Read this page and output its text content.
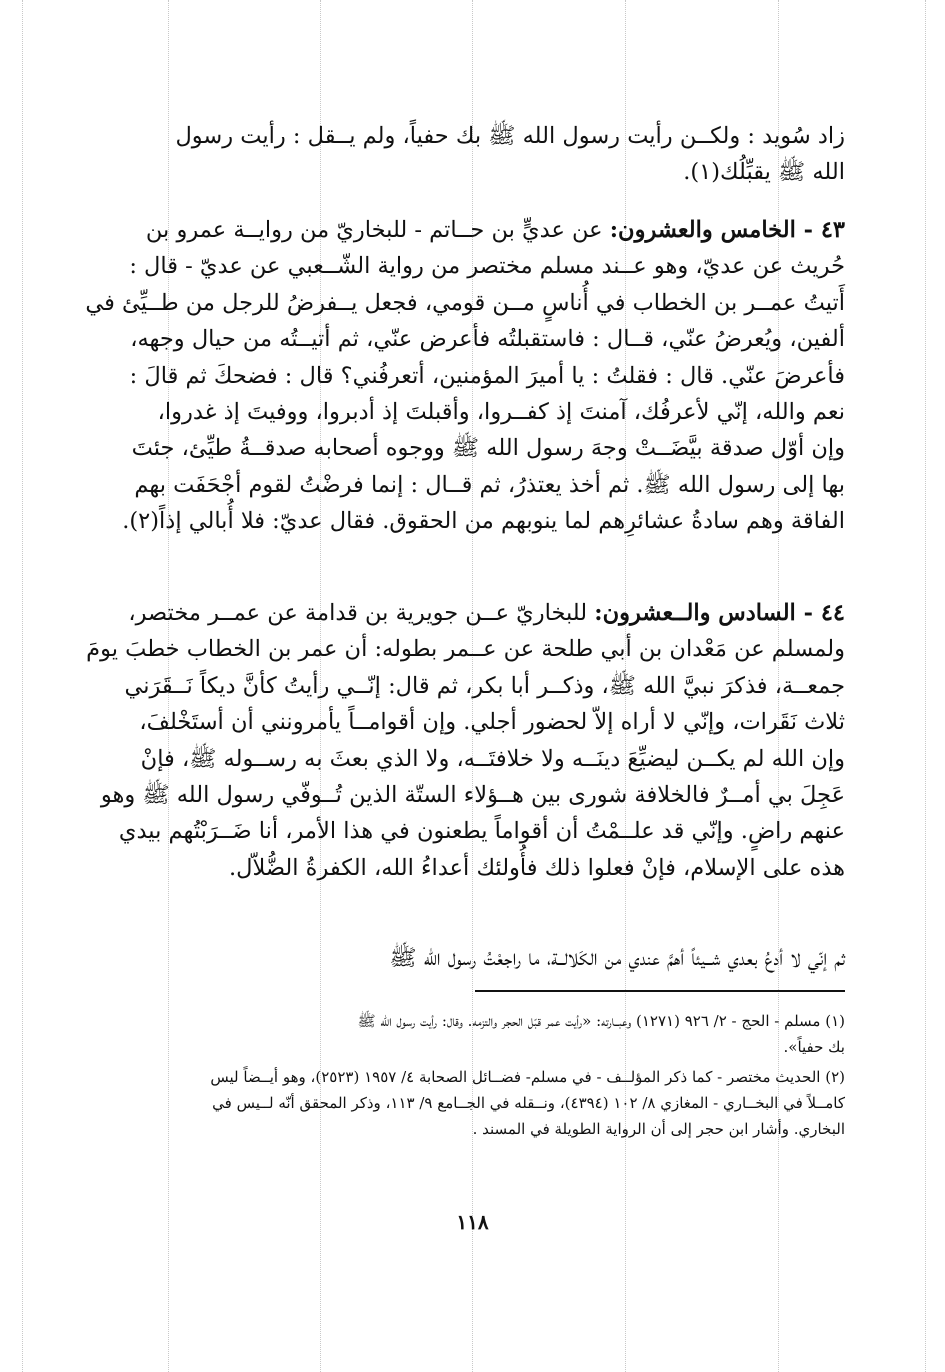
زاد سُويد : ولكــن رأيت رسول الله ﷺ بك حفياً، ولم يــقل : رأيت رسول
الله ﷺ يقبِّلُك(١).
٤٣ - الخامس والعشرون: عن عديٍّ بن حــاتم - للبخاريّ من روايــة عمرو بن
حُريث عن عديّ، وهو عــند مسلم مختصر من رواية الشّــعبي عن عديّ - قال :
أَتيتُ عمــر بن الخطاب في أُناسٍ مــن قومي، فجعل يــفرضُ للرجل من طــيِّئ في
ألفين، ويُعرضُ عنّي، قــال : فاستقبلتُه فأعرض عنّي، ثم أتيــتُه من حيال وجهه،
فأعرضَ عنّي. قال : فقلتُ : يا أميرَ المؤمنين، أتعرفُني؟ قال : فضحكَ ثم قالَ :
نعم والله، إنّي لأعرفُك، آمنتَ إذ كفــروا، وأقبلتَ إذ أدبروا، ووفيتَ إذ غدروا،
وإن أوّل صدقة بيَّضَــتْ وجهَ رسول الله ﷺ ووجوه أصحابه صدقــةُ طيِّئ، جئتَ
بها إلى رسول الله ﷺ. ثم أخذ يعتذرُ، ثم قــال : إنما فرضْتُ لقوم أجْحَفَت بهم
الفاقة وهم سادةُ عشائرِهم لما ينوبهم من الحقوق. فقال عديّ: فلا أُبالي إذاً(٢).
٤٤ - السادس والــعشرون: للبخاريّ عــن جويرية بن قدامة عن عمــر مختصر،
ولمسلم عن مَعْدان بن أبي طلحة عن عــمر بطوله: أن عمر بن الخطاب خطبَ يومَ
جمعــة، فذكرَ نبيَّ الله ﷺ، وذكــر أبا بكر، ثم قال: إنّــي رأيتُ كأنَّ ديكاً نَــقَرَني
ثلاث نَقَرات، وإنّي لا أراه إلاّ لحضور أجلي. وإن أقوامــاً يأمرونني أن أستَخْلفَ،
وإن الله لم يكــن ليضيِّعَ دينَــه ولا خلافتَــه، ولا الذي بعثَ به رســوله ﷺ، فإنْ
عَجِلَ بي أمــرٌ فالخلافة شورى بين هــؤلاء الستّة الذين تُــوفّي رسول الله ﷺ وهو
عنهم راضٍ. وإنّي قد علــمْتُ أن أقواماً يطعنون في هذا الأمر، أنا ضَــرَبْتُهم بيدي
هذه على الإسلام، فإنْ فعلوا ذلك فأُولئك أعداءُ الله، الكفرةُ الضُّلاّل.
ثم إنّي لا أدعُ بعدي شــيئاً أهمَّ عندي من الكَلالــة، ما راجعْتُ رسول الله ﷺ
(١) مسلم - الحج - ٢/ ٩٢٦ (١٢٧١) وعبــارته: «رأيت عمر قبّل الحجر والتزمه. وقال: رأيت رسول الله ﷺ
بك حفياً».
(٢) الحديث مختصر - كما ذكر المؤلــف - في مسلم- فضــائل الصحابة ٤/ ١٩٥٧ (٢٥٢٣)، وهو أيــضاً ليس
كامــلاً في البخــاري - المغازي ٨/ ١٠٢ (٤٣٩٤)، ونــقله في الجــامع ٩/ ١١٣، وذكر المحقق أنّه لــيس في
البخاري. وأشار ابن حجر إلى أن الرواية الطويلة في المسند .
١١٨
